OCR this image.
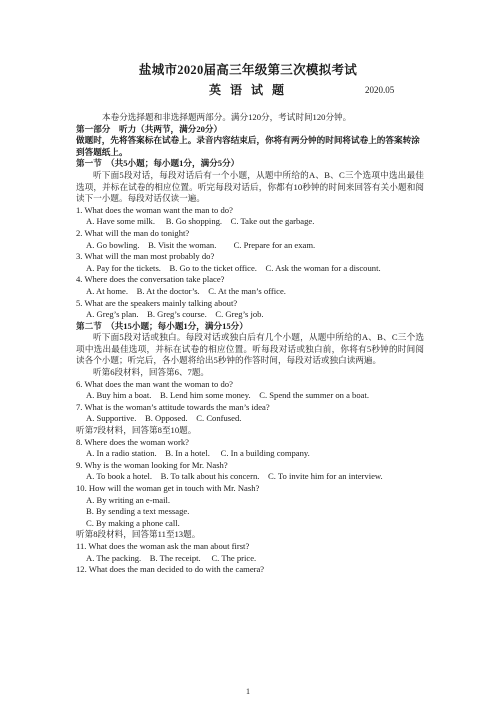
盐城市2020届高三年级第三次模拟考试
英 语 试 题	2020.05

本卷分选择题和非选择题两部分。满分120分，考试时间120分钟。

第一部分　听力（共两节，满分20分）

做题时，先将答案标在试卷上。录音内容结束后，你将有两分钟的时间将试卷上的答案转涂到答题纸上。

第一节　（共5小题；每小题1分，满分5分）

听下面5段对话，每段对话后有一个小题，从题中所给的A、B、C三个选项中选出最佳选项，并标在试卷的相应位置。听完每段对话后，你都有10秒钟的时间来回答有关小题和阅读下一小题。每段对话仅读一遍。

1. What does the woman want the man to do?

A. Have some milk.　 B. Go shopping.　C. Take out the garbage.

2. What will the man do tonight?

A. Go bowling.　B. Visit the woman.　　C. Prepare for an exam.

3. What will the man most probably do?

A. Pay for the tickets.　B. Go to the ticket office.　C. Ask the woman for a discount.

4. Where does the conversation take place?

A. At home.　B. At the doctor’s.　C. At the man’s office.

5. What are the speakers mainly talking about?

A. Greg’s plan.　B. Greg’s course.　C. Greg’s job.

第二节　（共15小题；每小题1分，满分15分）

听下面5段对话或独白。每段对话或独白后有几个小题，从题中所给的A、B、C三个选项中选出最佳选项，并标在试卷的相应位置。听每段对话或独白前，你将有5秒钟的时间阅读各个小题；听完后，各小题将给出5秒钟的作答时间，每段对话或独白读两遍。

听第6段材料，回答第6、7题。

6. What does the man want the woman to do?

A. Buy him a boat.　B. Lend him some money.　C. Spend the summer on a boat.

7. What is the woman’s attitude towards the man’s idea?

A. Supportive.　B. Opposed.　C. Confused.

听第7段材料，回答第8至10题。

8. Where does the woman work?

A. In a radio station.　B. In a hotel.　 C. In a building company.

9. Why is the woman looking for Mr. Nash?

A. To book a hotel.　B. To talk about his concern.　C. To invite him for an interview.

10. How will the woman get in touch with Mr. Nash?

A. By writing an e-mail.

B. By sending a text message.

C. By making a phone call.

听第8段材料，回答第11至13题。

11. What does the woman ask the man about first?

A. The packing.　B. The receipt.　 C. The price.

12. What does the man decided to do with the camera?

1
